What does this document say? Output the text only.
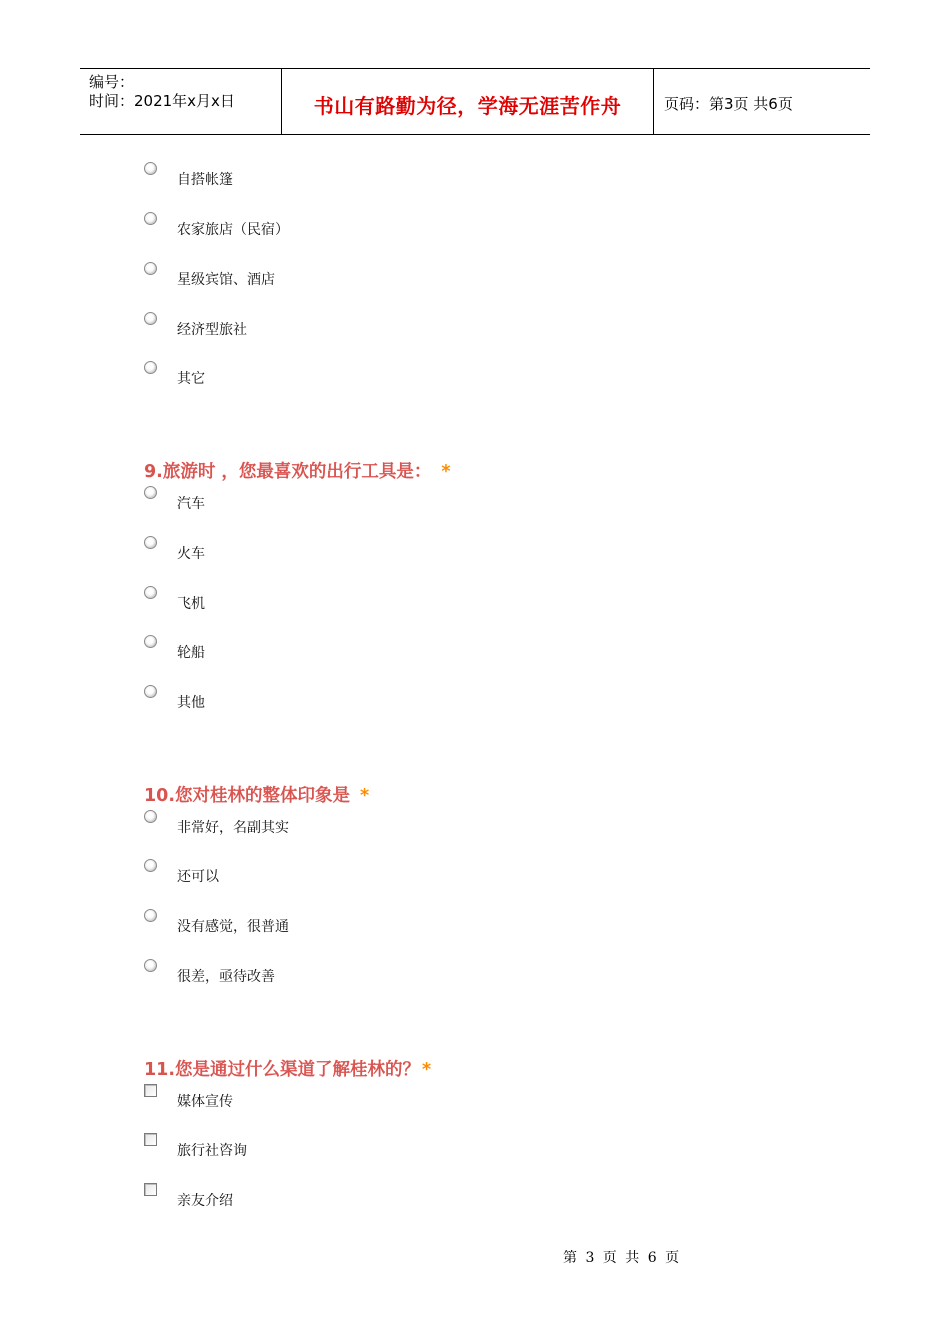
编号：
时间：2021年x月x日	书山有路勤为径，学海无涯苦作舟	页码：第3页 共6页
自搭帐篷
农家旅店（民宿）
星级宾馆、酒店
经济型旅社
其它
9.旅游时 ，您最喜欢的出行工具是： *
汽车
火车
飞机
轮船
其他
10.您对桂林的整体印象是 *
非常好，名副其实
还可以
没有感觉，很普通
很差，亟待改善
11.您是通过什么渠道了解桂林的？ *
媒体宣传
旅行社咨询
亲友介绍
第 3 页 共 6 页
